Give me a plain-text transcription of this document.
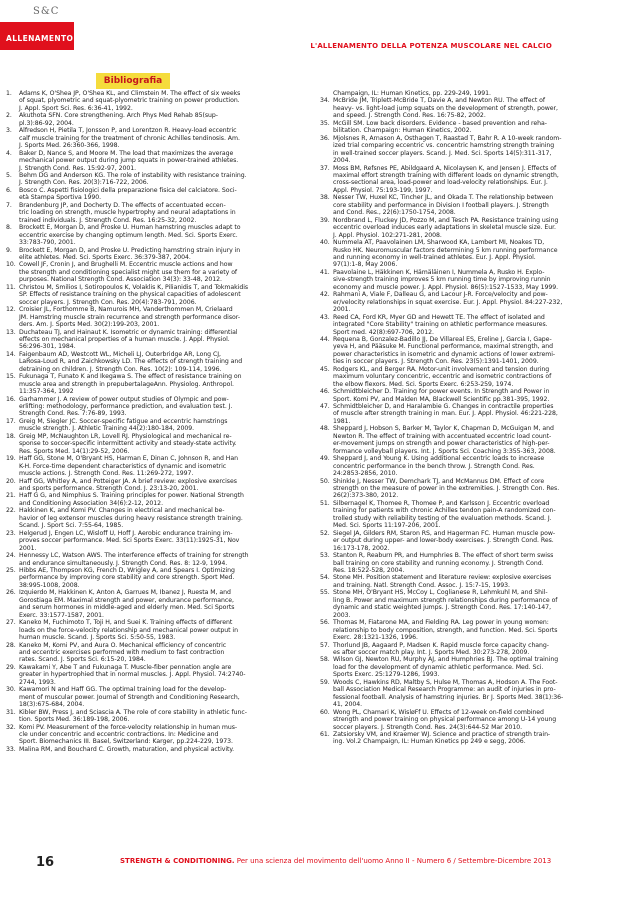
S&C
ALLENAMENTO
L'ALLENAMENTO DELLA POTENZA MUSCOLARE NEL CALCIO
Bibliografia
1.	Adams K, O'Shea JP, O'Shea KL, and Climstein M. The effect of six weeks
of squat, plyometric and squat-plyometric training on power production.
J. Appl. Sport Sci. Res. 6:36-41, 1992.
2.	Akuthota SFN. Core strengthening. Arch Phys Med Rehab 85(sup-
pl.3):86-92, 2004.
3.	Alfredson H, Pietila T, Jonsson P, and Lorentzon R. Heavy-load eccentric
calf muscle training for the treatment of chronic Achilles tendinosis. Am.
J. Sports Med. 26:360-366, 1998.
4.	Baker D, Nance S, and Moore M. The load that maximizes the average
mechanical power output during jump squats in power-trained athletes.
J. Strength Cond. Res. 15:92-97, 2001.
5.	Behm DG and Anderson KG. The role of instability with resistance training.
J. Strength Con. Res. 20(3):716-722, 2006.
6.	Bosco C. Aspetti fisiologici della preparazione fisica del calciatore. Soci-
età Stampa Sportiva 1990.
7.	Brandenburg JP, and Docherty D. The effects of accentuated eccen-
tric loading on strength, muscle hypertrophy and neural adaptations in
trained individuals. J. Strength Cond. Res. 16:25-32, 2002.
8.	Brockett E, Morgan D, and Proske U. Human hamstring muscles adapt to
eccentric exercise by changing optimum length. Med. Sci. Sports Exerc.
33:783-790, 2001.
9.	Brockett E, Morgan D, and Proske U. Predicting hamstring strain injury in
elite athletes. Med. Sci. Sports Exerc. 36:379-387, 2004.
10. Cowell JF, Cronin J, and Brughelli M. Eccentric muscle actions and how
the strength and conditioning specialist might use them for a variety of
purposes. National Strength Cond. Association 34(3): 33-48, 2012.
11. Christou M, Smilios I, Sotiropoulos K, Volaklis K, Pilianidis T, and Tokmakidis
SP. Effects of resistance training on the physical capacities of adolescent
soccer players. J. Strength Con. Res. 20(4):783-791, 2006.
12. Croisier JL, Forthomme B, Namurois MH, Vanderthommen M, Crielaard
JM. Hamstring muscle strain recurrence and strength performance disor-
ders. Am. J. Sports Med. 30(2):199-203, 2001.
13. Duchateau TJ, and Hainaut K. Isometric or dynamic training: differential
effects on mechanical properties of a human muscle. J. Appl. Physiol.
56:296-301, 1984.
14. Faigenbaum AD, Westcott WL, Micheli LJ, Outerbridge AR, Long CJ,
LaRosa-Loud R, and Zaichkowsky LD. The effects of strength training and
detraining on children. J. Strength Con. Res. 10(2): 109-114, 1996.
15. Fukunaga T, Funato K and Ikegawa S. The effect of resistance training on
muscle area and strength in prepubertalageAnn. Physiolog. Anthropol.
11:357-364, 1992
16. Garhammer J. A review of power output studies of Olympic and pow-
erlifting: methodology, performance prediction, and evaluation test. J.
Strength Cond. Res. 7:76-89, 1993.
17. Greig M, Siegler JC. Soccer-specific fatigue and eccentric hamstrings
muscle strength. J. Athletic Training 44(2):180-184, 2009.
18. Greig MP, McNaughton LR, Lovell RJ. Physiological and mechanical re-
sponse to soccer-specific intermittent activity and steady-state activity.
Res. Sports Med. 14(1):29-52, 2006.
19. Haff GG, Stone M, O'Bryant HS, Harman E, Dinan C, Johnson R, and Han
K-H. Force-time dependent characteristics of dynamic and isometric
muscle actions. J. Strength Cond. Res. 11:269-272, 1997.
20. Haff GG, Whitley A, and Potteiger JA. A brief review: explosive exercises
and sports performance. Strength Cond. J. 23:13-20, 2001.
21. Haff G G, and Nimphius S. Training principles for power. National Strength
and Conditioning Association 34(6):2-12, 2012.
22. Hakkinen K, and Komi PV. Changes in electrical and mechanical be-
havior of leg extensor muscles during heavy resistance strength training.
Scand. J. Sport Sci. 7:55-64, 1985.
23. Helgerud J, Engen LC, Wisloff U, Hoff J. Aerobic endurance training im-
proves soccer performance. Med. Sci Sports Exerc. 33(11):1925-31, Nov
2001.
24. Hennessy LC, Watson AWS. The interference effects of training for strength
and endurance simultaneously. J. Strength Cond. Res. 8: 12-9, 1994.
25. Hibbs AE, Thompson KG, French D, Wrigley A, and Spears I. Optimizing
performance by improving core stability and core strength. Sport Med.
38:995-1008, 2008.
26. Izquierdo M, Hakkinen K, Anton A, Garrues M, Ibanez J, Ruesta M, and
Gorostiaga EM. Maximal strength and power, endurance performance,
and serum hormones in middle-aged and elderly men. Med. Sci Sports
Exerc. 33:1577-1587, 2001.
27. Kaneko M, Fuchimoto T, Toji H, and Suei K. Training effects of different
loads on the force-velocity relationship and mechanical power output in
human muscle. Scand. J. Sports Sci. 5:50-55, 1983.
28. Kaneko M, Komi PV, and Aura O. Mechanical efficiency of concentric
and eccentric exercises performed with medium to fast contraction
rates. Scand. J. Sports Sci. 6:15-20, 1984.
29. Kawakami Y, Abe T and Fukunaga T. Muscle-fiber pennation angle are
greater in hypertrophied that in normal muscles. J. Appl. Physiol. 74:2740-
2744, 1993.
30. Kawamori N and Haff GG. The optimal training load for the develop-
ment of muscular power. Journal of Strength and Conditioning Research,
18(3):675-684, 2004.
31. Kibler BW, Press J, and Sciascia A. The role of core stability in athletic func-
tion. Sports Med. 36:189-198, 2006.
32. Komi PV. Measurement of the force-velocity relationship in human mus-
cle under concentric and eccentric contractions. In: Medicine and
Sport. Biomechanics III. Basel, Switzerland: Karger, pp.224-229, 1973.
33. Malina RM, and Bouchard C. Growth, maturation, and physical activity.
Champaign, IL: Human Kinetics, pp. 229-249, 1991.
34. McBride JM, Triplett-McBride T, Davie A, and Newton RU. The effect of
heavy- vs. light-load jump squats on the development of strength, power,
and speed. J. Strength Cond. Res. 16:75-82, 2002.
35. McGill SM. Low back disorders. Evidence - based prevention and reha-
bilitation. Champaign: Human Kinetics, 2002.
36. Mjolsnes R, Arnason A, Osthagen T, Raastad T, Bahr R. A 10-week random-
ized trial comparing eccentric vs. concentric hamstring strength training
in well-trained soccer players. Scand. J. Med. Sci. Sports 14(5):311-317,
2004.
37. Moss BM, Refsnes PE, Abildgaard A, Nicolaysen K, and Jensen J. Effects of
maximal effort strength training with different loads on dynamic strength,
cross-sectional area, load-power and load-velocity relationships. Eur. J.
Appl. Physiol. 75:193-199, 1997.
38. Nesser TW, Huxel KC, Tincher JL, and Okada T. The relationship between
core stability and performance in Division I football players. J. Strength
and Cond. Res., 22(6):1750-1754, 2008.
39. Nordbrand L, Fluckey JD, Pozzo M, and Tesch PA. Resistance training using
eccentric overload induces early adaptations in skeletal muscle size. Eur.
J. Appl. Physiol. 102:271-281, 2008.
40. Nummela AT, Paavolainen LM, Sharwood KA, Lambert MI, Noakes TD,
Rusko HK. Neuromuscular factors determining 5 km running performance
and running economy in well-trained athletes. Eur. J. Appl. Physiol.
97(1):1-8, May 2006.
41. Paavolaine L, Häkkinen K, Hämäläinen I, Nummela A, Rusko H. Explo-
sive-strength training improves 5 km running time by improving runnin
economy and muscle power. J. Appl. Physiol. 86(5):1527-1533, May 1999.
42. Rahmani A, Viale F, Dalleau G, and Lacour J-R. Force/velocity and pow-
er/velocity relationships in squat exercise. Eur. J. Appl. Physiol. 84:227-232,
2001.
43. Reed CA, Ford KR, Myer GD and Hewett TE. The effect of isolated and
integrated "Core Stability" training on athletic performance measures.
Sport med. 42(8):697-706, 2012.
44. Requena B, Gonzalez-Badillo JJ, De Villareal ES, Ereline J, Garcia I, Gape-
yeva H, and Pääsuke M. Functional performance, maximal strength, and
power characteristics in isometric and dynamic actions of lower extremi-
ties in soccer players. J. Strength Con. Res. 23(5):1391-1401, 2009.
45. Rodgers KL, and Berger RA. Motor-unit involvement and tension during
maximum voluntary concentric, eccentric and isometric contractions of
the elbow flexors. Med. Sci. Sports Exerc. 6:253-259, 1974.
46. Schmidtbleicher D. Training for power events. In Strength and Power in
Sport. Komi PV, and Malden MA, Blackwell Scientific pp.381-395, 1992.
47. Schmidtbleicher D, and Haralambie G. Changes in contractile properties
of muscle after strength training in man. Eur. J. Appl. Physiol. 46:221-228,
1981.
48. Sheppard J, Hobson S, Barker M, Taylor K, Chapman D, McGuigan M, and
Newton R. The effect of training with accentuated eccentric load count-
er-movement jumps on strength and power characteristics of high-per-
formance volleyball players. Int. J. Sports Sci. Coaching 3:355-363, 2008.
49. Sheppard J, and Young K. Using additional eccentric loads to increase
concentric performance in the bench throw. J. Strength Cond. Res.
24:2853-2856, 2010.
50. Shinkle J, Nesser TW, Demchark TJ, and McMannus DM. Effect of core
strength on the measure of power in the extremities. J. Strength Con. Res.
26(2):373-380, 2012.
51. Silbernagel K, Thomee R, Thomee P, and Karlsson J. Eccentric overload
training for patients with chronic Achilles tendon pain-A randomized con-
trolled study with reliability testing of the evaluation methods. Scand. J.
Med. Sci. Sports 11:197-206, 2001.
52. Siegel JA, Gilders RM, Staron RS, and Hagerman FC. Human muscle pow-
er output during upper- and lower-body exercises. J. Strength Cond. Res.
16:173-178, 2002.
53. Stanton R, Reaburn PR, and Humphries B. The effect of short term swiss
ball training on core stability and running economy. J. Strength Cond.
Res. 18:522-528, 2004.
54. Stone MH. Position statement and literature review: explosive exercises
and training. Natl. Strength Cond. Assoc. J. 15:7-15, 1993.
55. Stone MH, O'Bryant HS, McCoy L, Coglianese R, Lehmkuhl M, and Shil-
ling B. Power and maximum strength relationships during performance of
dynamic and static weighted jumps. J. Strength Cond. Res. 17:140-147,
2003.
56. Thomas M, Fiatarone MA, and Fielding RA. Leg power in young women:
relationship to body composition, strength, and function. Med. Sci. Sports
Exerc. 28:1321-1326, 1996.
57. Thorlund JB, Aagaard P, Madsen K. Rapid muscle force capacity chang-
es after soccer match play. Int. J. Sports Med. 30:273-278, 2009.
58. Wilson GJ, Newton RU, Murphy AJ, and Humphries BJ. The optimal training
load for the development of dynamic athletic performance. Med. Sci.
Sports Exerc. 25:1279-1286, 1993.
59. Woods C, Hawkins RD, Maltby S, Hulse M, Thomas A, Hodson A. The Foot-
ball Association Medical Research Programme: an audit of injuries in pro-
fessional football. Analysis of hamstring injuries. Br J. Sports Med. 38(1):36-
41, 2004.
60. Wong PL, Chamari K, WisløFf U. Effects of 12-week on-field combined
strength and power training on physical performance among U-14 young
soccer players. J. Strength Cond. Res. 24(3):644-52 Mar 2010.
61. Zatsiorsky VM, and Kraemer WJ. Science and practice of strength train-
ing. Vol.2 Champaign, IL: Human Kinetics pp 249 e segg, 2006.
16	STRENGTH & CONDITIONING. Per una scienza del movimento dell'uomo Anno II - Numero 6 / Settembre-Dicembre 2013
